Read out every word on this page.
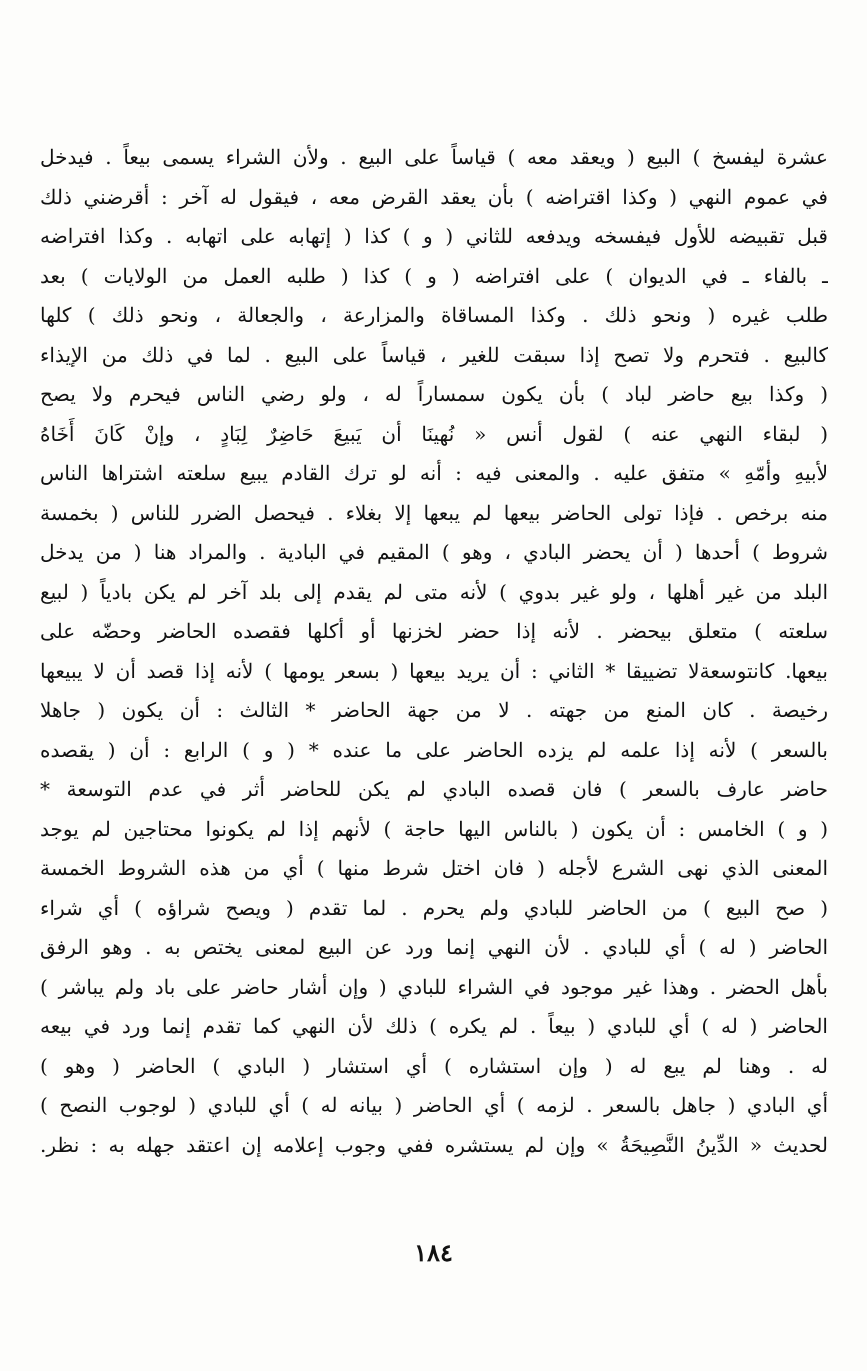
عشرة ليفسخ ) البيع ( ويعقد معه ) قياساً على البيع . ولأن الشراء يسمى بيعاً . فيدخل
في عموم النهي ( وكذا اقتراضه ) بأن يعقد القرض معه ، فيقول له آخر : أقرضني ذلك
قبل تقبيضه للأول فيفسخه ويدفعه للثاني ( و ) كذا ( إتهابه على اتهابه . وكذا افتراضه
ـ بالفاء ـ في الديوان ) على افتراضه ( و ) كذا ( طلبه العمل من الولايات ) بعد
طلب غيره ( ونحو ذلك . وكذا المساقاة والمزارعة ، والجعالة ، ونحو ذلك ) كلها
كالبيع . فتحرم ولا تصح إذا سبقت للغير ، قياساً على البيع . لما في ذلك من الإيذاء
( وكذا بيع حاضر لباد ) بأن يكون سمساراً له ، ولو رضي الناس فيحرم ولا يصح
( لبقاء النهي عنه ) لقول أنس « نُهينَا أن يَبيعَ حَاضِرٌ لِبَادٍ ، وإنْ كَانَ أَخَاهُ
لأبيهِ وأمّهِ » متفق عليه . والمعنى فيه : أنه لو ترك القادم يبيع سلعته اشتراها الناس
منه برخص . فإذا تولى الحاضر بيعها لم يبعها إلا بغلاء . فيحصل الضرر للناس ( بخمسة
شروط ) أحدها ( أن يحضر البادي ، وهو ) المقيم في البادية . والمراد هنا ( من يدخل
البلد من غير أهلها ، ولو غير بدوي ) لأنه متى لم يقدم إلى بلد آخر لم يكن بادياً ( لبيع
سلعته ) متعلق بيحضر . لأنه إذا حضر لخزنها أو أكلها فقصده الحاضر وحضّه على
بيعها. كانتوسعةلا تضييقا * الثاني : أن يريد بيعها ( بسعر يومها ) لأنه إذا قصد أن لا يبيعها
رخيصة . كان المنع من جهته . لا من جهة الحاضر * الثالث : أن يكون ( جاهلا
بالسعر ) لأنه إذا علمه لم يزده الحاضر على ما عنده * ( و ) الرابع : أن ( يقصده
حاضر عارف بالسعر ) فان قصده البادي لم يكن للحاضر أثر في عدم التوسعة *
( و ) الخامس : أن يكون ( بالناس اليها حاجة ) لأنهم إذا لم يكونوا محتاجين لم يوجد
المعنى الذي نهى الشرع لأجله ( فان اختل شرط منها ) أي من هذه الشروط الخمسة
( صح البيع ) من الحاضر للبادي ولم يحرم . لما تقدم ( ويصح شراؤه ) أي شراء
الحاضر ( له ) أي للبادي . لأن النهي إنما ورد عن البيع لمعنى يختص به . وهو الرفق
بأهل الحضر . وهذا غير موجود في الشراء للبادي ( وإن أشار حاضر على باد ولم يباشر )
الحاضر ( له ) أي للبادي ( بيعاً . لم يكره ) ذلك لأن النهي كما تقدم إنما ورد في بيعه
له . وهنا لم يبع له ( وإن استشاره ) أي استشار ( البادي ) الحاضر ( وهو )
أي البادي ( جاهل بالسعر . لزمه ) أي الحاضر ( بيانه له ) أي للبادي ( لوجوب النصح )
لحديث « الدِّينُ النَّصِيحَةُ » وإن لم يستشره ففي وجوب إعلامه إن اعتقد جهله به : نظر.
١٨٤
